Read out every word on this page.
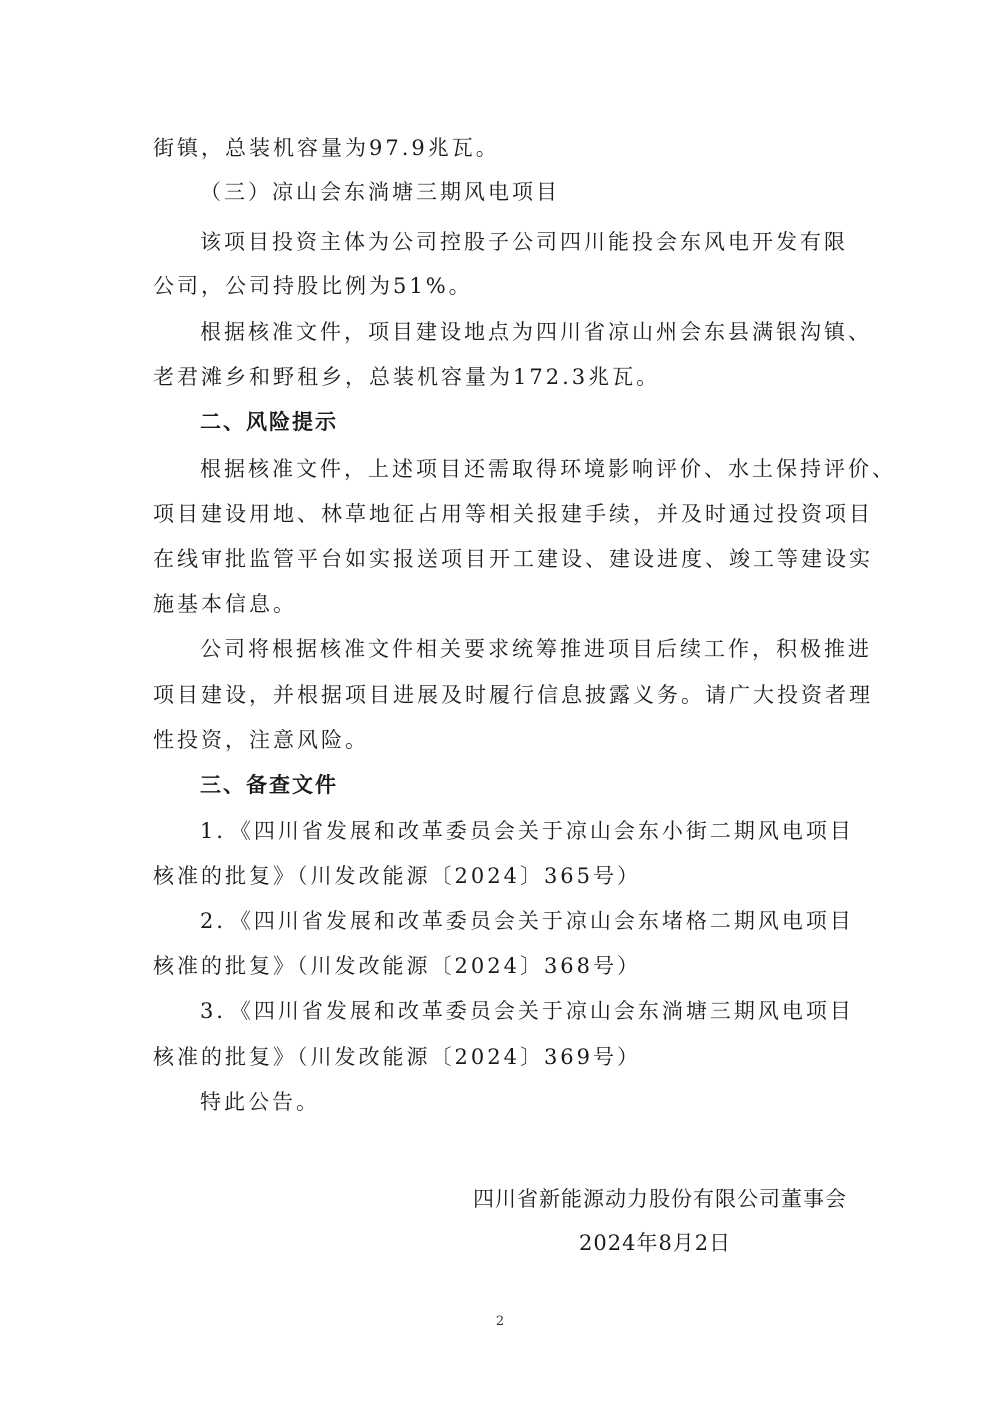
街镇，总装机容量为97.9兆瓦。
（三）凉山会东淌塘三期风电项目
该项目投资主体为公司控股子公司四川能投会东风电开发有限
公司，公司持股比例为51%。
根据核准文件，项目建设地点为四川省凉山州会东县满银沟镇、
老君滩乡和野租乡，总装机容量为172.3兆瓦。
二、风险提示
根据核准文件，上述项目还需取得环境影响评价、水土保持评价、
项目建设用地、林草地征占用等相关报建手续，并及时通过投资项目
在线审批监管平台如实报送项目开工建设、建设进度、竣工等建设实
施基本信息。
公司将根据核准文件相关要求统筹推进项目后续工作，积极推进
项目建设，并根据项目进展及时履行信息披露义务。请广大投资者理
性投资，注意风险。
三、备查文件
1．《四川省发展和改革委员会关于凉山会东小街二期风电项目
核准的批复》（川发改能源〔2024〕365号）
2．《四川省发展和改革委员会关于凉山会东堵格二期风电项目
核准的批复》（川发改能源〔2024〕368号）
3．《四川省发展和改革委员会关于凉山会东淌塘三期风电项目
核准的批复》（川发改能源〔2024〕369号）
特此公告。
四川省新能源动力股份有限公司董事会
2024年8月2日
2
